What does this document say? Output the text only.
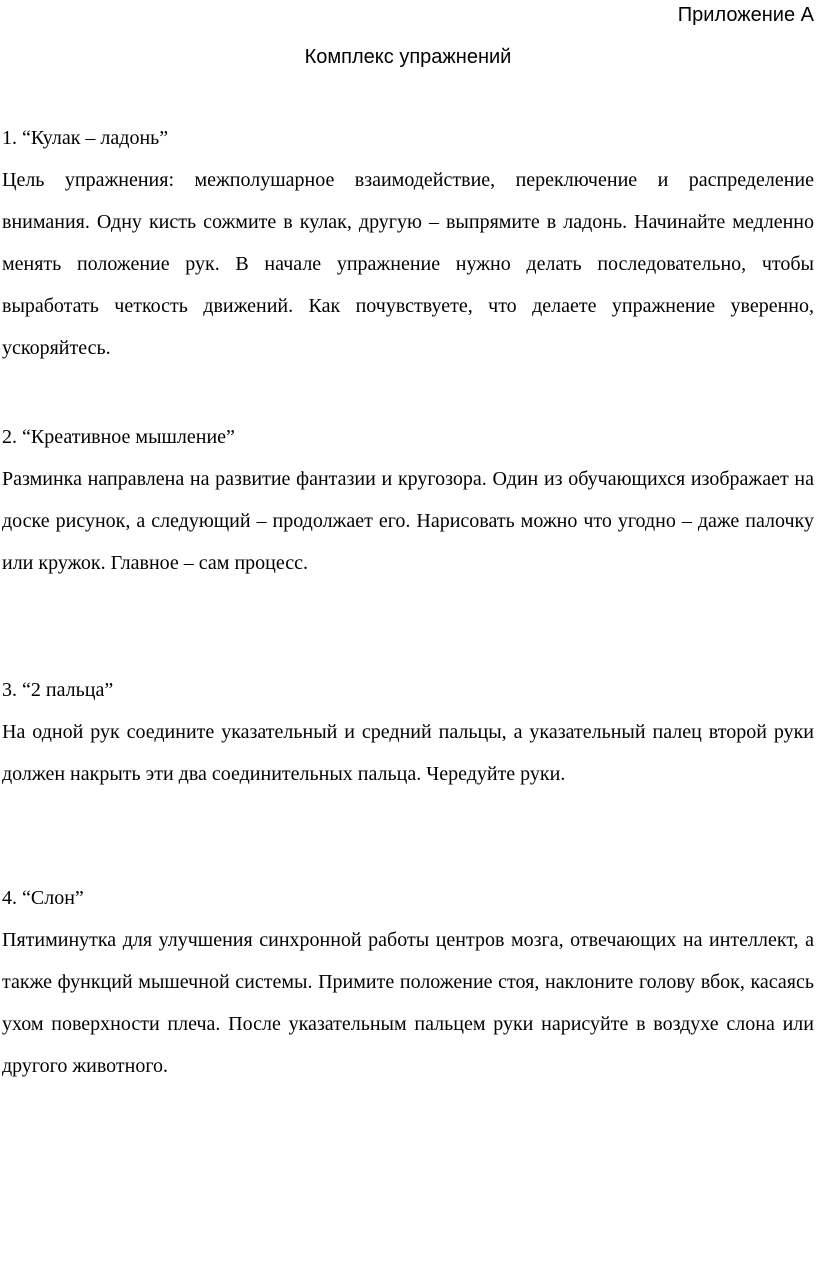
Приложение А

Комплекс упражнений
1. “Кулак – ладонь”

Цель упражнения: межполушарное взаимодействие, переключение и распределение внимания. Одну кисть сожмите в кулак, другую – выпрямите в ладонь. Начинайте медленно менять положение рук. В начале упражнение нужно делать последовательно, чтобы выработать четкость движений. Как почувствуете, что делаете упражнение уверенно, ускоряйтесь.

2. “Креативное мышление”

Разминка направлена на развитие фантазии и кругозора. Один из обучающихся изображает на доске рисунок, а следующий – продолжает его. Нарисовать можно что угодно – даже палочку или кружок. Главное – сам процесс.

3. “2 пальца”

На одной рук соедините указательный и средний пальцы, а указательный палец второй руки должен накрыть эти два соединительных пальца. Чередуйте руки.

4. “Слон”

Пятиминутка для улучшения синхронной работы центров мозга, отвечающих на интеллект, а также функций мышечной системы. Примите положение стоя, наклоните голову вбок, касаясь ухом поверхности плеча. После указательным пальцем руки нарисуйте в воздухе слона или другого животного.
